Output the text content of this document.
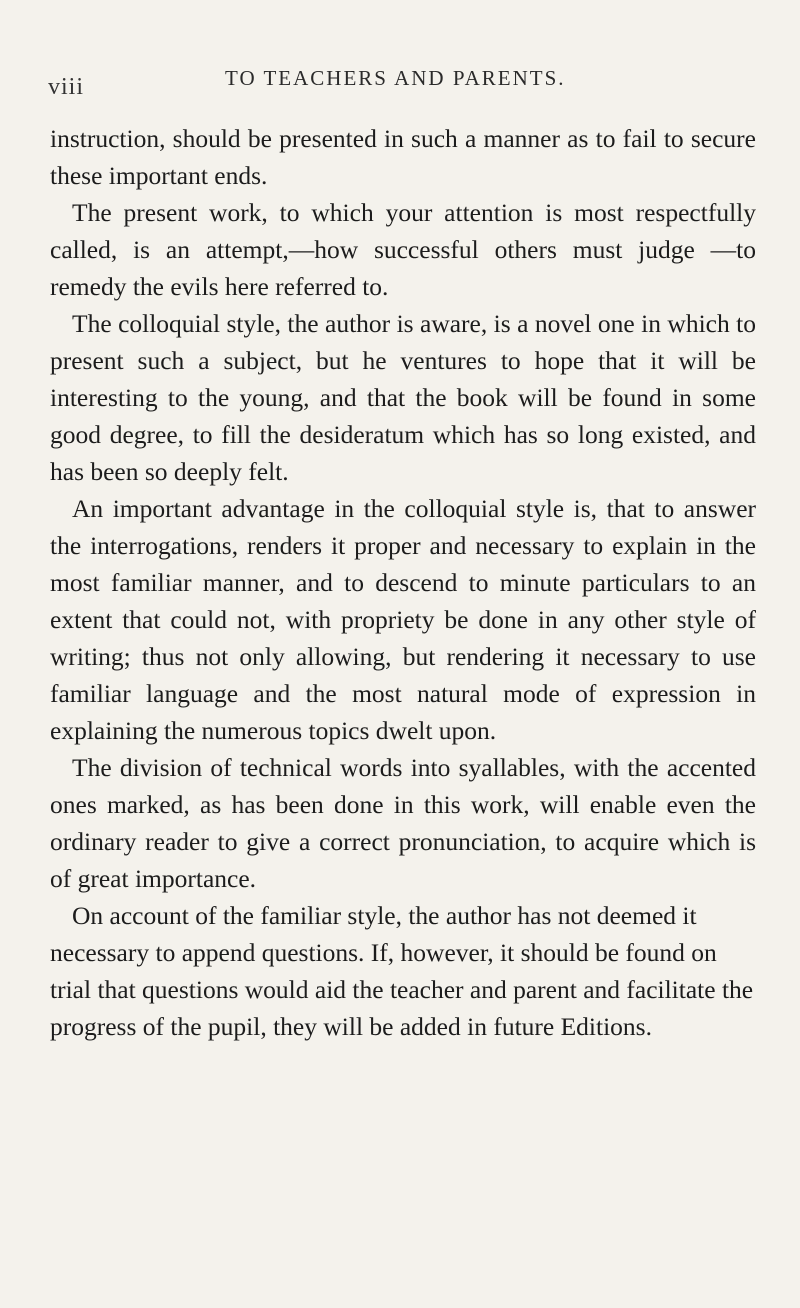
viii	TO TEACHERS AND PARENTS.

instruction, should be presented in such a manner as to fail to secure these important ends.

The present work, to which your attention is most respectfully called, is an attempt,—how successful others must judge —to remedy the evils here referred to.

The colloquial style, the author is aware, is a novel one in which to present such a subject, but he ventures to hope that it will be interesting to the young, and that the book will be found in some good degree, to fill the desideratum which has so long existed, and has been so deeply felt.

An important advantage in the colloquial style is, that to answer the interrogations, renders it proper and necessary to explain in the most familiar manner, and to descend to minute particulars to an extent that could not, with propriety be done in any other style of writing; thus not only allowing, but rendering it necessary to use familiar language and the most natural mode of expression in explaining the numerous topics dwelt upon.

The division of technical words into syallables, with the accented ones marked, as has been done in this work, will enable even the ordinary reader to give a correct pronunciation, to acquire which is of great importance.

On account of the familiar style, the author has not deemed it necessary to append questions. If, however, it should be found on trial that questions would aid the teacher and parent and facilitate the progress of the pupil, they will be added in future Editions.
